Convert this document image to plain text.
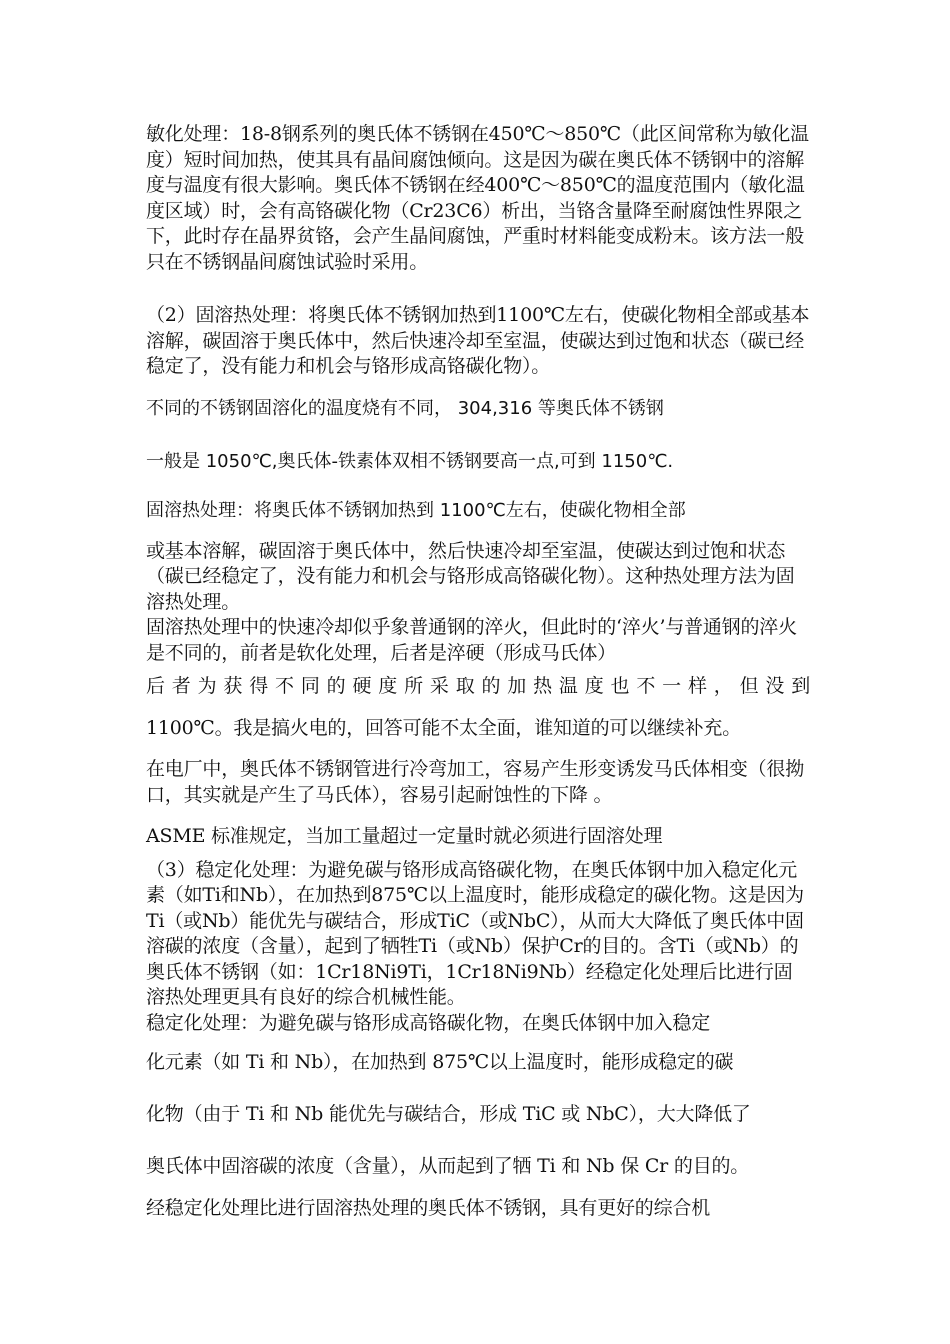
敏化处理：18-8钢系列的奥氏体不锈钢在450℃～850℃（此区间常称为敏化温度）短时间加热，使其具有晶间腐蚀倾向。这是因为碳在奥氏体不锈钢中的溶解度与温度有很大影响。奥氏体不锈钢在经400℃～850℃的温度范围内（敏化温度区域）时，会有高铬碳化物（Cr23C6）析出，当铬含量降至耐腐蚀性界限之下，此时存在晶界贫铬，会产生晶间腐蚀，严重时材料能变成粉末。该方法一般只在不锈钢晶间腐蚀试验时采用。

（2）固溶热处理：将奥氏体不锈钢加热到1100℃左右，使碳化物相全部或基本溶解，碳固溶于奥氏体中，然后快速冷却至室温，使碳达到过饱和状态（碳已经稳定了，没有能力和机会与铬形成高铬碳化物）。

不同的不锈钢固溶化的温度烧有不同， 304,316 等奥氏体不锈钢

一般是 1050℃,奥氏体-铁素体双相不锈钢要高一点,可到 1150℃.

固溶热处理：将奥氏体不锈钢加热到 1100℃左右，使碳化物相全部

或基本溶解，碳固溶于奥氏体中，然后快速冷却至室温，使碳达到过饱和状态（碳已经稳定了，没有能力和机会与铬形成高铬碳化物）。这种热处理方法为固溶热处理。

固溶热处理中的快速冷却似乎象普通钢的淬火，但此时的‘淬火’与普通钢的淬火是不同的，前者是软化处理，后者是淬硬（形成马氏体）

后者为获得不同的硬度所采取的加热温度也不一样，但没到

1100℃。我是搞火电的，回答可能不太全面，谁知道的可以继续补充。

在电厂中，奥氏体不锈钢管进行冷弯加工，容易产生形变诱发马氏体相变（很拗口，其实就是产生了马氏体），容易引起耐蚀性的下降 。

ASME 标准规定，当加工量超过一定量时就必须进行固溶处理

（3）稳定化处理：为避免碳与铬形成高铬碳化物，在奥氏体钢中加入稳定化元素（如Ti和Nb），在加热到875℃以上温度时，能形成稳定的碳化物。这是因为Ti（或Nb）能优先与碳结合，形成TiC（或NbC），从而大大降低了奥氏体中固溶碳的浓度（含量），起到了牺牲Ti（或Nb）保护Cr的目的。含Ti（或Nb）的奥氏体不锈钢（如：1Cr18Ni9Ti，1Cr18Ni9Nb）经稳定化处理后比进行固溶热处理更具有良好的综合机械性能。

稳定化处理：为避免碳与铬形成高铬碳化物，在奥氏体钢中加入稳定

化元素（如 Ti 和 Nb），在加热到 875℃以上温度时，能形成稳定的碳

化物（由于 Ti 和 Nb 能优先与碳结合，形成 TiC 或 NbC），大大降低了

奥氏体中固溶碳的浓度（含量），从而起到了牺 Ti 和 Nb 保 Cr 的目的。

经稳定化处理比进行固溶热处理的奥氏体不锈钢，具有更好的综合机
